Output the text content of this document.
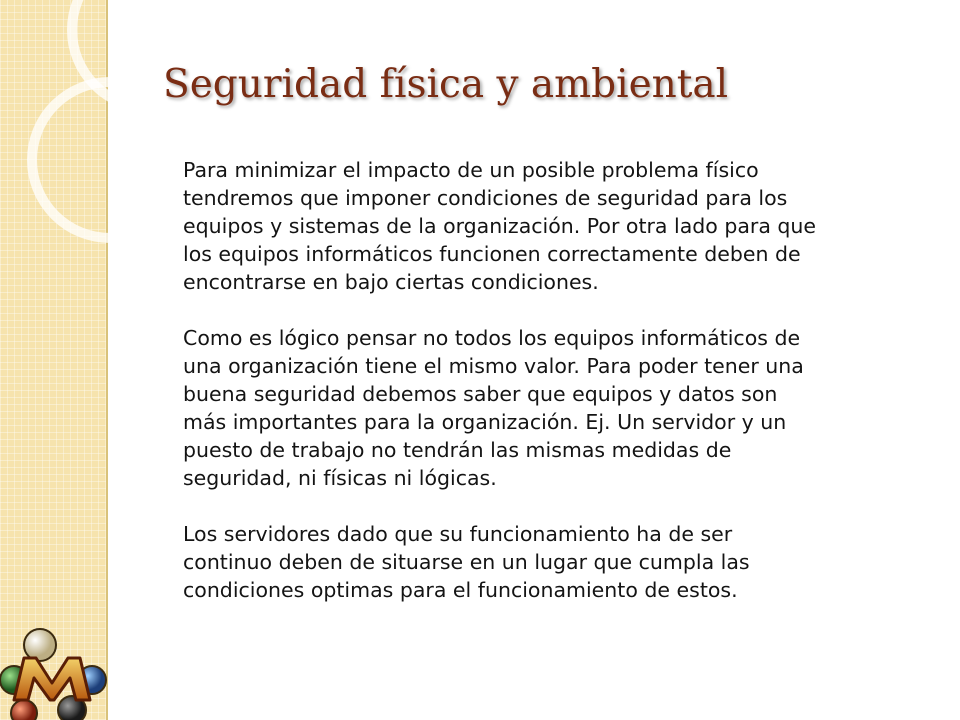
Seguridad física y ambiental
Para minimizar el impacto de un posible problema físico
tendremos que imponer condiciones de seguridad para los
equipos y sistemas de la organización. Por otra lado para que
los equipos informáticos funcionen correctamente deben de
encontrarse en bajo ciertas condiciones.
Como es lógico pensar no todos los equipos informáticos de
una organización tiene el mismo valor. Para poder tener una
buena seguridad debemos saber que equipos y datos son
más importantes para la organización. Ej. Un servidor y un
puesto de trabajo no tendrán las mismas medidas de
seguridad, ni físicas ni lógicas.
Los servidores dado que su funcionamiento ha de ser
continuo deben de situarse en un lugar que cumpla las
condiciones optimas para el funcionamiento de estos.
